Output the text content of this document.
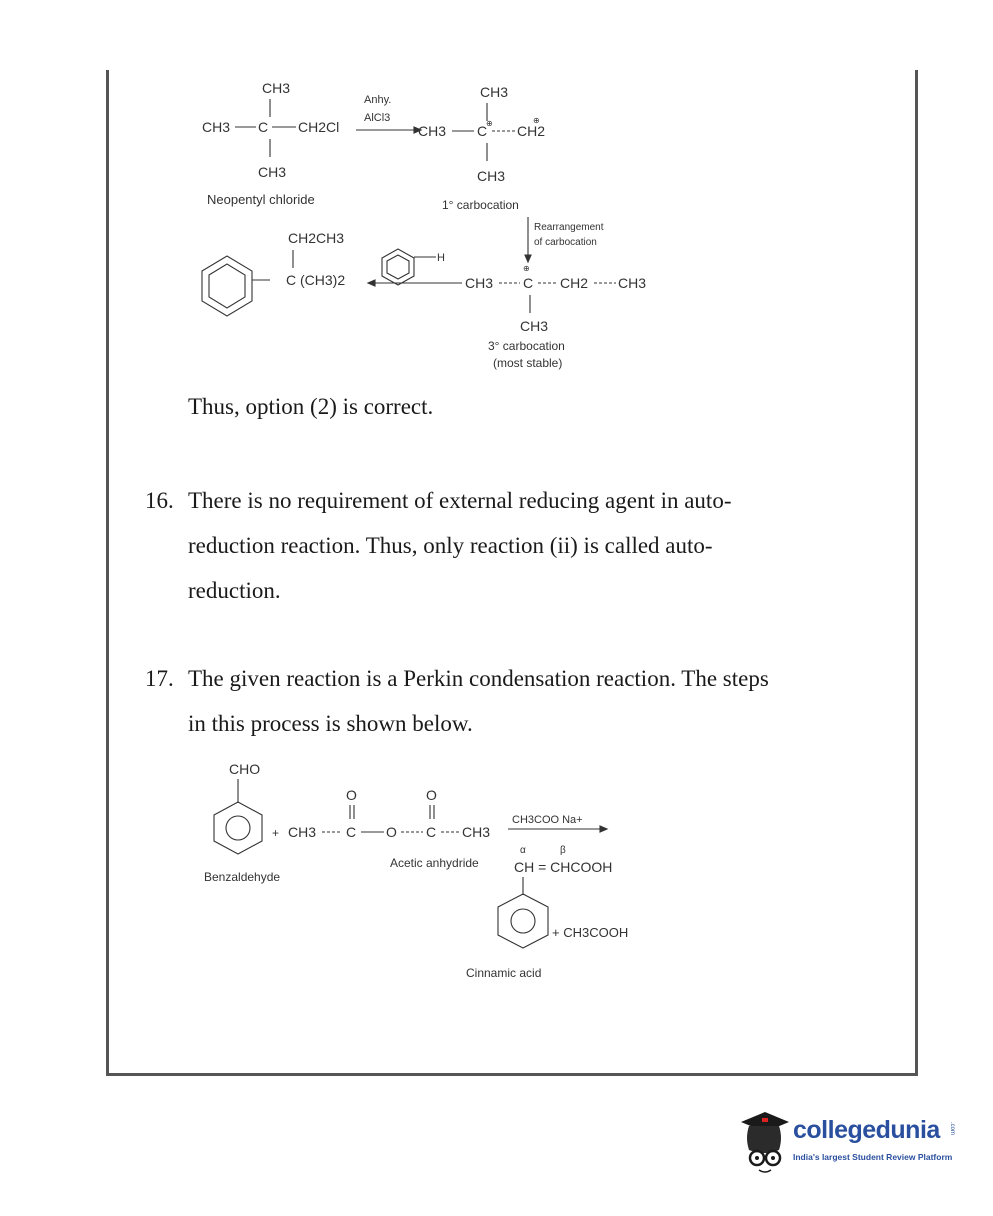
CH3
CH3 C CH2Cl
CH3
Neopentyl chloride
Anhy.
AlCl3
CH3
CH3 C
⊕ CH2
⊕
CH3
1° carbocation
Rearrangement
of carbocation
CH3 C
⊕
CH2 CH3
CH3
3° carbocation
(most stable)
H
CH2CH3
C (CH3)2
Thus, option (2) is correct.
16. There is no requirement of external reducing agent in auto-
reduction reaction. Thus, only reaction (ii) is called auto-
reduction.
17. The given reaction is a Perkin condensation reaction. The steps
in this process is shown below.
CHO
Benzaldehyde
+ CH3 C
O
O C
O
CH3
Acetic anhydride
CH3COO Na+
α	β
CH = CHCOOH
+ CH3COOH
Cinnamic acid
collegedunia .com
India's largest Student Review Platform
